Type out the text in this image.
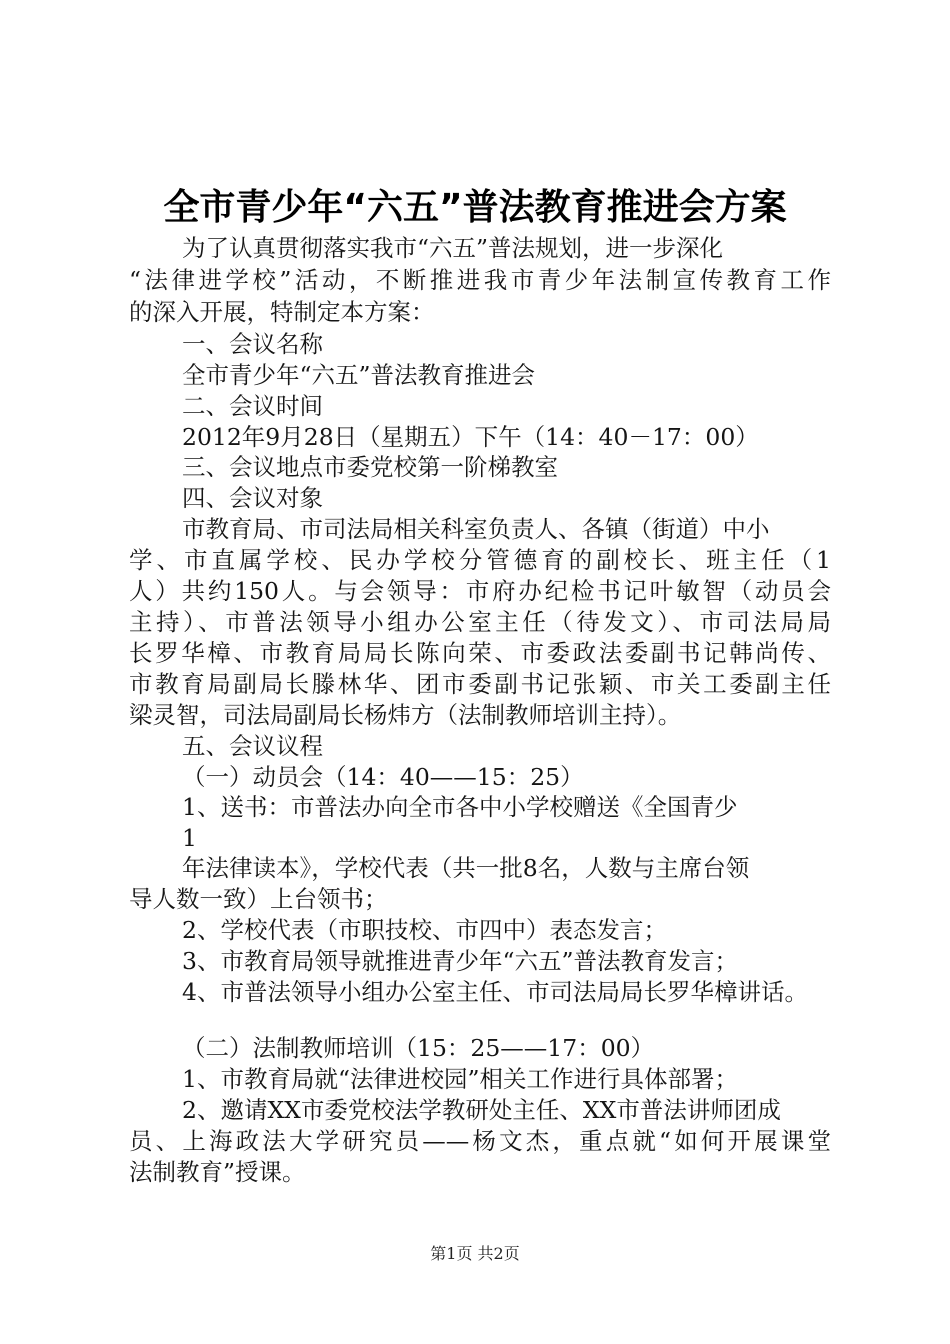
全市青少年“六五”普法教育推进会方案
为了认真贯彻落实我市“六五”普法规划，进一步深化
“法律进学校”活动，不断推进我市青少年法制宣传教育工作
的深入开展，特制定本方案：
一、会议名称
全市青少年“六五”普法教育推进会
二、会议时间
2012年9月28日（星期五）下午（14：40－17：00）
三、会议地点市委党校第一阶梯教室
四、会议对象
市教育局、市司法局相关科室负责人、各镇（街道）中小
学、市直属学校、民办学校分管德育的副校长、班主任（1
人）共约150人。与会领导：市府办纪检书记叶敏智（动员会
主持）、市普法领导小组办公室主任（待发文）、市司法局局
长罗华樟、市教育局局长陈向荣、市委政法委副书记韩尚传、
市教育局副局长滕林华、团市委副书记张颖、市关工委副主任
梁灵智，司法局副局长杨炜方（法制教师培训主持）。
五、会议议程
（一）动员会（14：40——15：25）
1、送书：市普法办向全市各中小学校赠送《全国青少
1
年法律读本》，学校代表（共一批8名，人数与主席台领
导人数一致）上台领书；
2、学校代表（市职技校、市四中）表态发言；
3、市教育局领导就推进青少年“六五”普法教育发言；
4、市普法领导小组办公室主任、市司法局局长罗华樟讲话。
（二）法制教师培训（15：25——17：00）
1、市教育局就“法律进校园”相关工作进行具体部署；
2、邀请XX市委党校法学教研处主任、XX市普法讲师团成
员、上海政法大学研究员——杨文杰，重点就“如何开展课堂
法制教育”授课。
第1页 共2页
